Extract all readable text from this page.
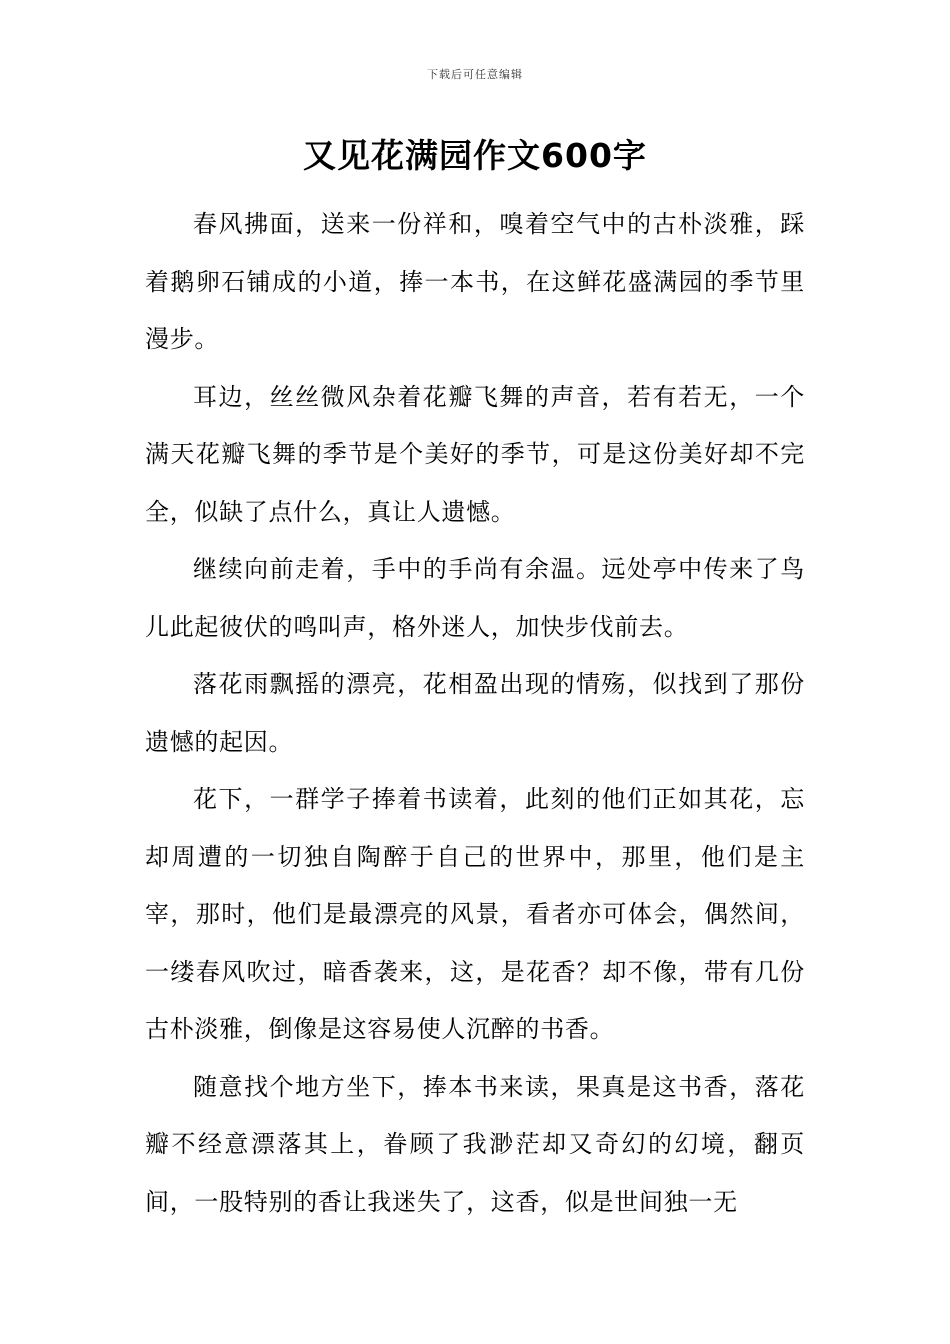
下载后可任意编辑
又见花满园作文600字

春风拂面，送来一份祥和，嗅着空气中的古朴淡雅，踩着鹅卵石铺成的小道，捧一本书，在这鲜花盛满园的季节里漫步。

耳边，丝丝微风杂着花瓣飞舞的声音，若有若无，一个满天花瓣飞舞的季节是个美好的季节，可是这份美好却不完全，似缺了点什么，真让人遗憾。

继续向前走着，手中的手尚有余温。远处亭中传来了鸟儿此起彼伏的鸣叫声，格外迷人，加快步伐前去。

落花雨飘摇的漂亮，花相盈出现的情殇，似找到了那份遗憾的起因。

花下，一群学子捧着书读着，此刻的他们正如其花，忘却周遭的一切独自陶醉于自己的世界中，那里，他们是主宰，那时，他们是最漂亮的风景，看者亦可体会，偶然间，一缕春风吹过，暗香袭来，这，是花香？却不像，带有几份古朴淡雅，倒像是这容易使人沉醉的书香。

随意找个地方坐下，捧本书来读，果真是这书香，落花瓣不经意漂落其上，眷顾了我渺茫却又奇幻的幻境，翻页间，一股特别的香让我迷失了，这香，似是世间独一无
